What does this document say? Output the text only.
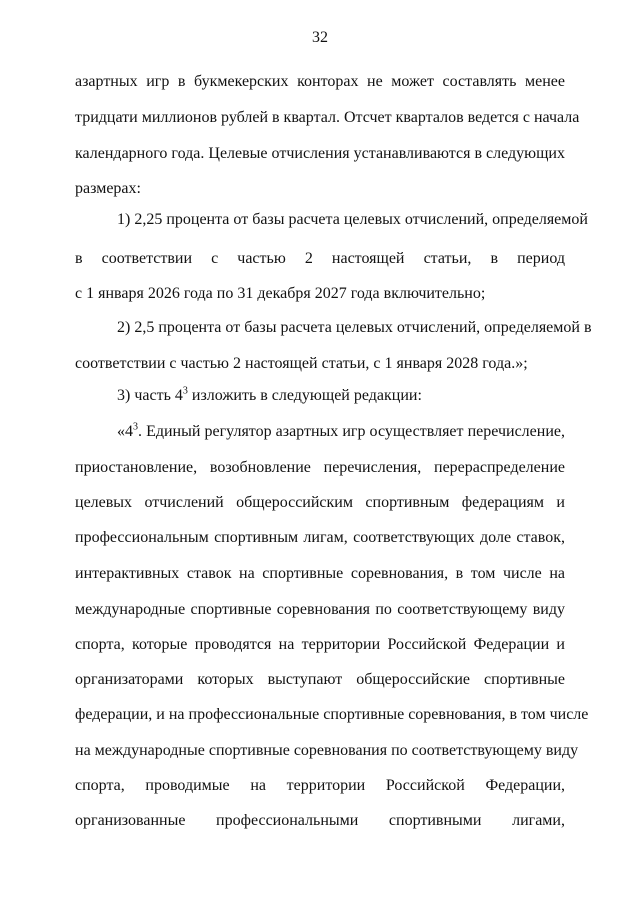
32
азартных игр в букмекерских конторах не может составлять менее
тридцати миллионов рублей в квартал. Отсчет кварталов ведется с начала
календарного года. Целевые отчисления устанавливаются в следующих
размерах:
1) 2,25 процента от базы расчета целевых отчислений, определяемой
в соответствии с частью 2 настоящей статьи, в период
с 1 января 2026 года по 31 декабря 2027 года включительно;
2) 2,5 процента от базы расчета целевых отчислений, определяемой в
соответствии с частью 2 настоящей статьи, с 1 января 2028 года.»;
3) часть $4^3$ изложить в следующей редакции:
«$4^3$. Единый регулятор азартных игр осуществляет перечисление,
приостановление, возобновление перечисления, перераспределение
целевых отчислений общероссийским спортивным федерациям и
профессиональным спортивным лигам, соответствующих доле ставок,
интерактивных ставок на спортивные соревнования, в том числе на
международные спортивные соревнования по соответствующему виду
спорта, которые проводятся на территории Российской Федерации и
организаторами которых выступают общероссийские спортивные
федерации, и на профессиональные спортивные соревнования, в том числе
на международные спортивные соревнования по соответствующему виду
спорта, проводимые на территории Российской Федерации,
организованные профессиональными спортивными лигами,
